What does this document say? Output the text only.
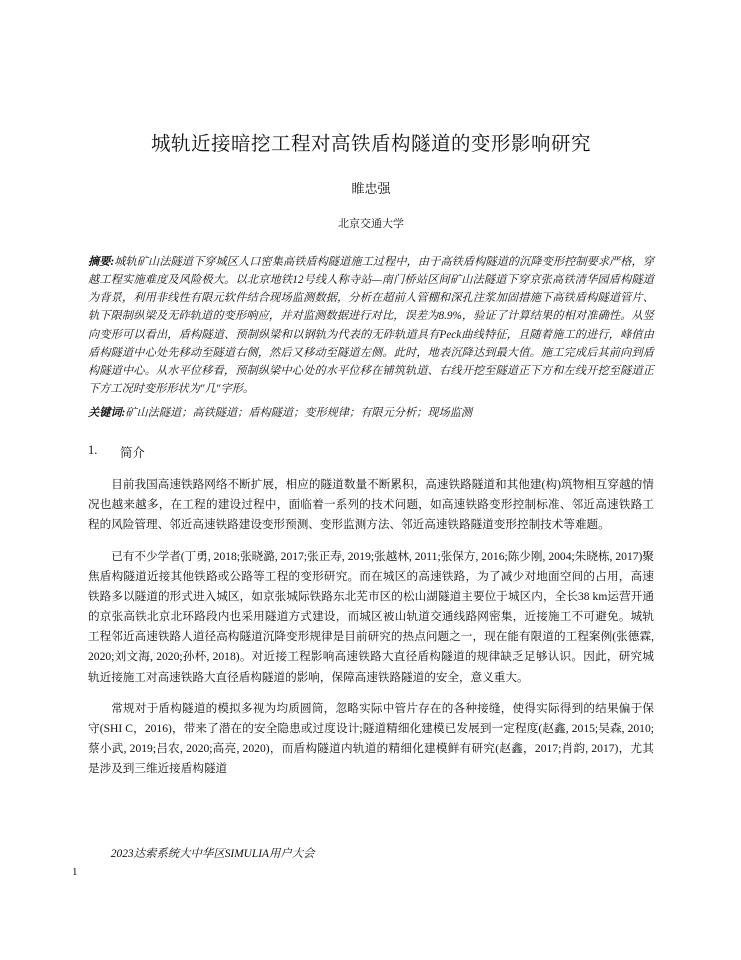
城轨近接暗挖工程对高铁盾构隧道的变形影响研究
睢忠强
北京交通大学
摘要:城轨矿山法隧道下穿城区人口密集高铁盾构隧道施工过程中，由于高铁盾构隧道的沉降变形控制要求严格，穿越工程实施难度及风险极大。以北京地铁12号线人称寺站—南门桥站区间矿山法隧道下穿京张高铁清华园盾构隧道为背景，利用非线性有限元软件结合现场监测数据，分析在超前人管棚和深孔注浆加固措施下高铁盾构隧道管片、轨下限制纵梁及无砟轨道的变形响应，并对监测数据进行对比，误差为8.9%，验证了计算结果的相对准确性。从竖向变形可以看出，盾构隧道、预制纵梁和以钢轨为代表的无砟轨道具有Peck曲线特征，且随着施工的进行，峰值由盾构隧道中心处先移动至隧道右侧，然后又移动至隧道左侧。此时，地表沉降达到最大值。施工完成后其前向到盾构隧道中心。从水平位移看，预制纵梁中心处的水平位移在铺筑轨道、右线开挖至隧道正下方和左线开挖至隧道正下方工况时变形形状为"几"字形。
关键词:矿山法隧道；高铁隧道；盾构隧道；变形规律；有限元分析；现场监测
1.	简介

目前我国高速铁路网络不断扩展，相应的隧道数量不断累积，高速铁路隧道和其他建(构)筑物相互穿越的情况也越来越多，在工程的建设过程中，面临着一系列的技术问题，如高速铁路变形控制标准、邻近高速铁路工程的风险管理、邻近高速铁路建设变形预测、变形监测方法、邻近高速铁路隧道变形控制技术等难题。

已有不少学者(丁勇, 2018;张晓潞, 2017;张正寿, 2019;张越林, 2011;张保方, 2016;陈少刚, 2004;朱晓栋, 2017)聚焦盾构隧道近接其他铁路或公路等工程的变形研究。而在城区的高速铁路，为了减少对地面空间的占用，高速铁路多以隧道的形式进入城区，如京张城际铁路东北芜市区的松山湖隧道主要位于城区内，全长38 km运营开通的京张高铁北京北环路段内也采用隧道方式建设，而城区被山轨道交通线路网密集，近接施工不可避免。城轨工程邻近高速铁路人道径高构隧道沉降变形规律是目前研究的热点问题之一，现在能有限道的工程案例(张德霖, 2020;刘文海, 2020;孙杯, 2018)。对近接工程影响高速铁路大直径盾构隧道的规律缺乏足够认识。因此，研究城轨近接施工对高速铁路大直径盾构隧道的影响，保障高速铁路隧道的安全，意义重大。

常规对于盾构隧道的模拟多视为均质圆筒，忽略实际中管片存在的各种接缝，使得实际得到的结果偏于保守(SHI C，2016)，带来了潜在的安全隐患或过度设计;隧道精细化建模已发展到一定程度(赵鑫, 2015;吴森, 2010;蔡小武, 2019;吕农, 2020;高亮, 2020)，而盾构隧道内轨道的精细化建模鲜有研究(赵鑫，2017;肖韵, 2017)，尤其是涉及到三维近接盾构隧道

2023达索系统大中华区SIMULIA用户大会
1
